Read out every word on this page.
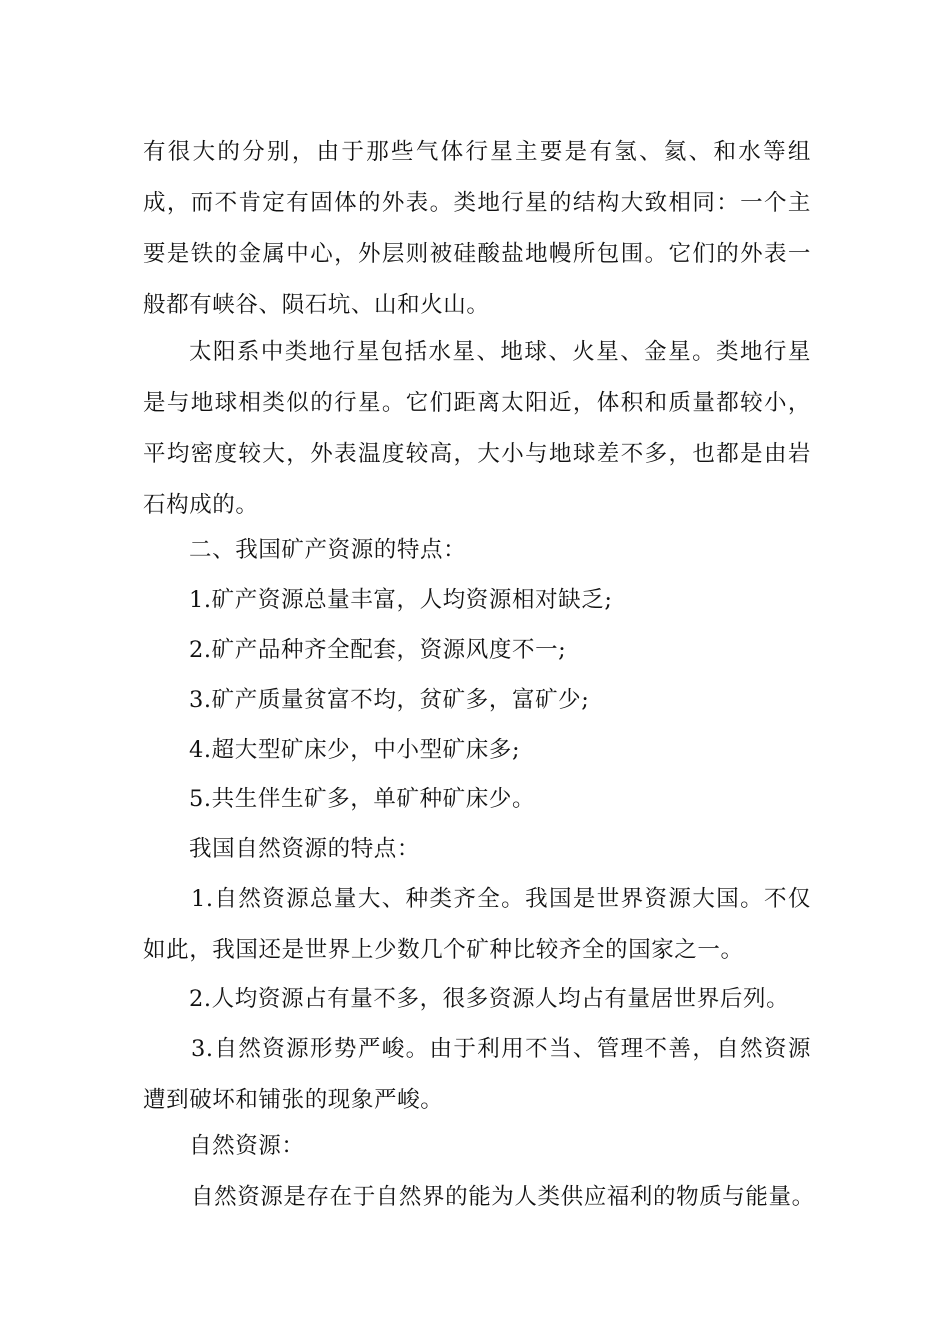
有很大的分别，由于那些气体行星主要是有氢、氦、和水等组成，而不肯定有固体的外表。类地行星的结构大致相同：一个主要是铁的金属中心，外层则被硅酸盐地幔所包围。它们的外表一般都有峡谷、陨石坑、山和火山。

太阳系中类地行星包括水星、地球、火星、金星。类地行星是与地球相类似的行星。它们距离太阳近，体积和质量都较小，平均密度较大，外表温度较高，大小与地球差不多，也都是由岩石构成的。

二、我国矿产资源的特点：

1.矿产资源总量丰富，人均资源相对缺乏;

2.矿产品种齐全配套，资源风度不一;

3.矿产质量贫富不均，贫矿多，富矿少;

4.超大型矿床少，中小型矿床多;

5.共生伴生矿多，单矿种矿床少。

我国自然资源的特点：

1.自然资源总量大、种类齐全。我国是世界资源大国。不仅如此，我国还是世界上少数几个矿种比较齐全的国家之一。

2.人均资源占有量不多，很多资源人均占有量居世界后列。

3.自然资源形势严峻。由于利用不当、管理不善，自然资源遭到破坏和铺张的现象严峻。

自然资源：

自然资源是存在于自然界的能为人类供应福利的物质与能量。
